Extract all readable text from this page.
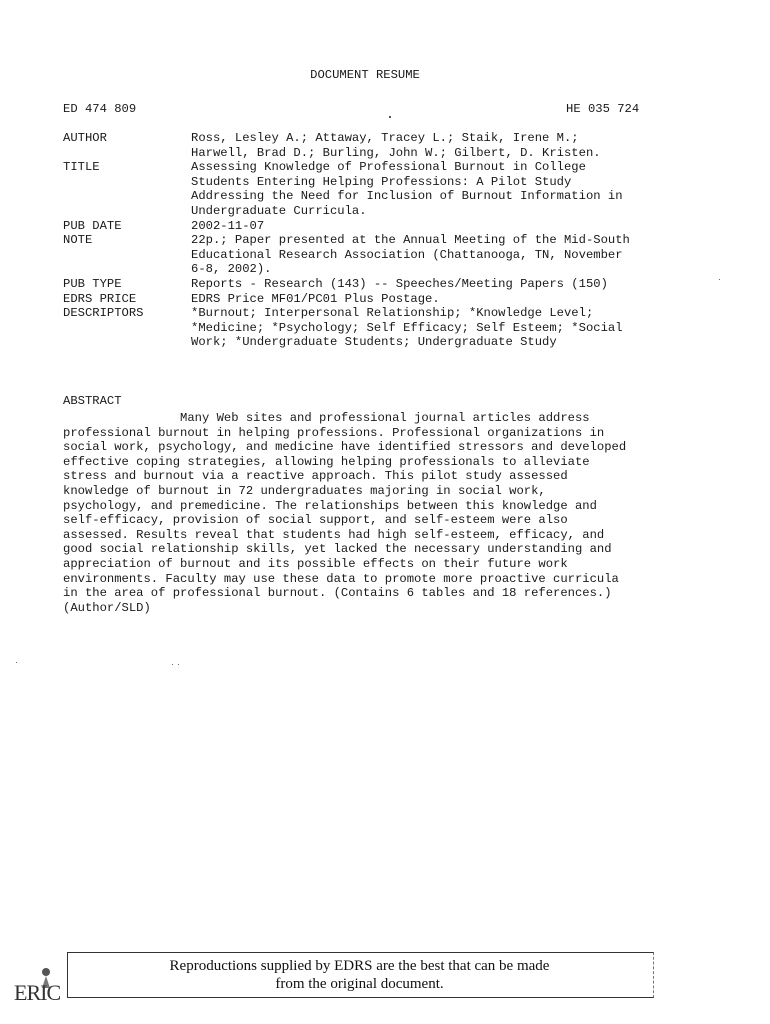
DOCUMENT RESUME
ED 474 809	HE 035 724
AUTHOR	Ross, Lesley A.; Attaway, Tracey L.; Staik, Irene M.;
Harwell, Brad D.; Burling, John W.; Gilbert, D. Kristen.
TITLE	Assessing Knowledge of Professional Burnout in College
Students Entering Helping Professions: A Pilot Study
Addressing the Need for Inclusion of Burnout Information in
Undergraduate Curricula.
PUB DATE	2002-11-07
NOTE	22p.; Paper presented at the Annual Meeting of the Mid-South
Educational Research Association (Chattanooga, TN, November
6-8, 2002).
PUB TYPE	Reports - Research (143) -- Speeches/Meeting Papers (150)
EDRS PRICE	EDRS Price MF01/PC01 Plus Postage.
DESCRIPTORS	*Burnout; Interpersonal Relationship; *Knowledge Level;
*Medicine; *Psychology; Self Efficacy; Self Esteem; *Social
Work; *Undergraduate Students; Undergraduate Study
ABSTRACT
Many Web sites and professional journal articles address
professional burnout in helping professions. Professional organizations in
social work, psychology, and medicine have identified stressors and developed
effective coping strategies, allowing helping professionals to alleviate
stress and burnout via a reactive approach. This pilot study assessed
knowledge of burnout in 72 undergraduates majoring in social work,
psychology, and premedicine. The relationships between this knowledge and
self-efficacy, provision of social support, and self-esteem were also
assessed. Results reveal that students had high self-esteem, efficacy, and
good social relationship skills, yet lacked the necessary understanding and
appreciation of burnout and its possible effects on their future work
environments. Faculty may use these data to promote more proactive curricula
in the area of professional burnout. (Contains 6 tables and 18 references.)
(Author/SLD)
Reproductions supplied by EDRS are the best that can be made
from the original document.
ERIC
